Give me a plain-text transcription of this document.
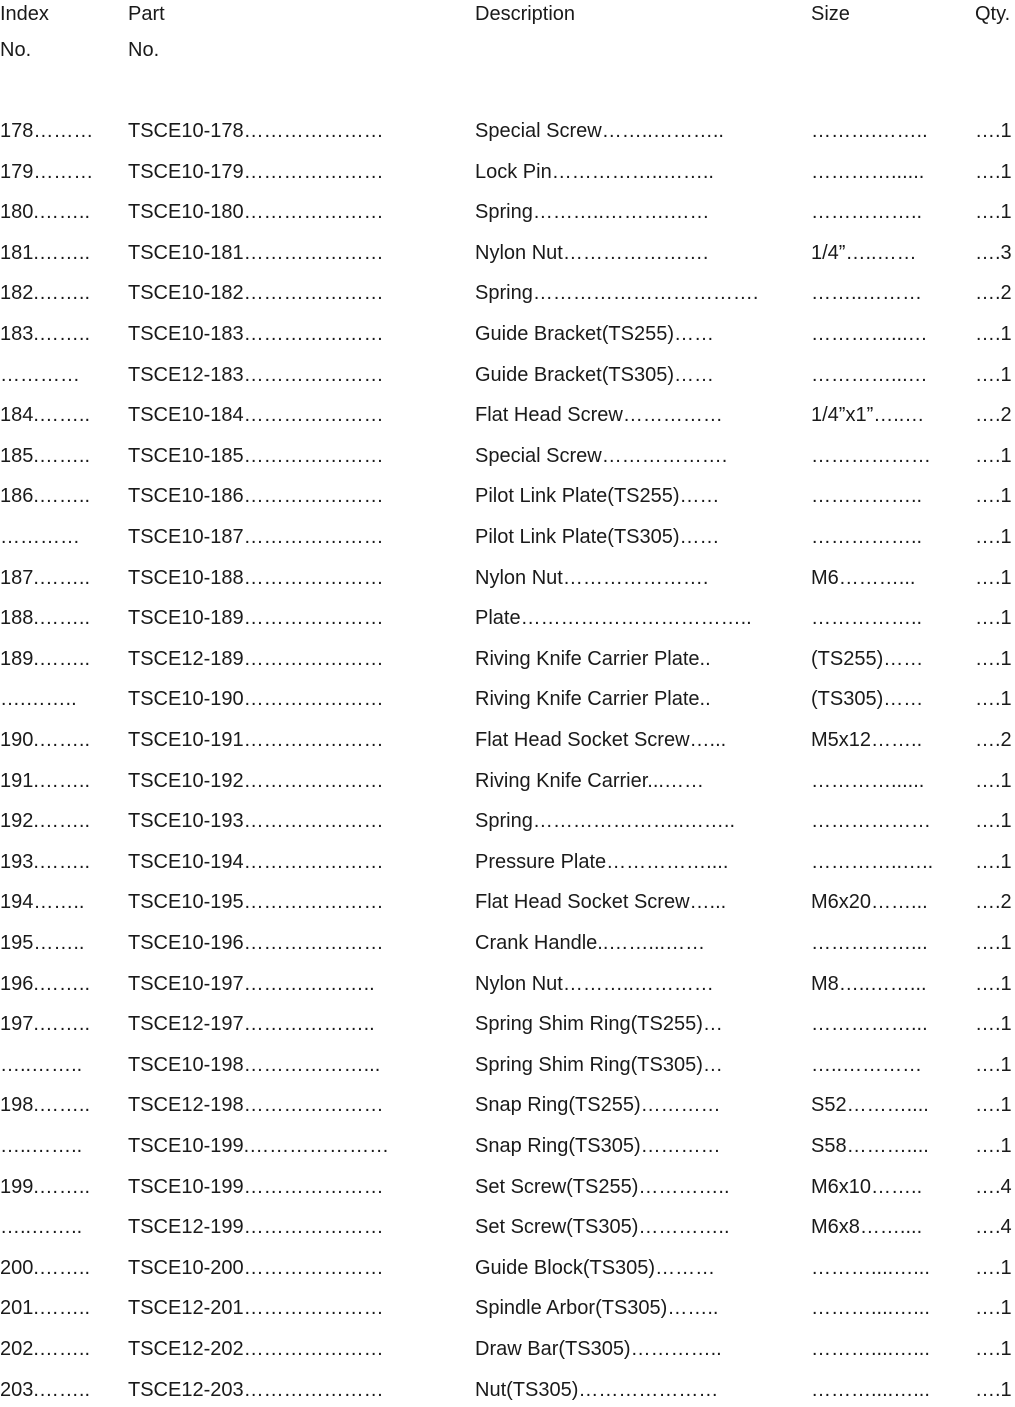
Index	Part	Description	Size	Qty.
No.	No.
178………	TSCE10-178…………………	Special Screw……..………..	……….……..	….1
179………	TSCE10-179…………………	Lock Pin……………..……..	…………......	….1
180.……..	TSCE10-180…………………	Spring………..……….……	……………..	….1
181.……..	TSCE10-181…………………	Nylon Nut………………….	1/4”…..……	….3
182.……..	TSCE10-182…………………	Spring…………………………….	……..………	….2
183.……..	TSCE10-183…………………	Guide Bracket(TS255)……	…………...…	….1
…………	TSCE12-183…………………	Guide Bracket(TS305)……	…………...…	….1
184.……..	TSCE10-184…………………	Flat Head Screw……………	1/4”x1”…..…	….2
185.……..	TSCE10-185…………………	Special Screw……………….	………………	….1
186.……..	TSCE10-186…………………	Pilot Link Plate(TS255)……	……………..	….1
…………	TSCE10-187…………………	Pilot Link Plate(TS305)……	……………..	….1
187.……..	TSCE10-188…………………	Nylon Nut………………….	M6………...	….1
188.……..	TSCE10-189…………………	Plate……………………………..	……………..	….1
189.……..	TSCE12-189…………………	Riving Knife Carrier Plate..	(TS255)……	….1
….……..	TSCE10-190…………………	Riving Knife Carrier Plate..	(TS305)……	….1
190.……..	TSCE10-191…………………	Flat Head Socket Screw…...	M5x12……..	….2
191.……..	TSCE10-192…………………	Riving Knife Carrier...……	…………......	….1
192.……..	TSCE10-193…………………	Spring…………………..……..	………………	….1
193.……..	TSCE10-194…………………	Pressure Plate……………....	…………..…..	….1
194……..	TSCE10-195…………………	Flat Head Socket Screw…...	M6x20……...	….2
195……..	TSCE10-196…………………	Crank Handle..……...……	……………...	….1
196.……..	TSCE10-197………………..	Nylon Nut………..…………	M8…..……...	….1
197.……..	TSCE12-197………………..	Spring Shim Ring(TS255)…	……………...	….1
…..……..	TSCE10-198………………...	Spring Shim Ring(TS305)…	…..…………	….1
198.……..	TSCE12-198…………………	Snap Ring(TS255)…………	S52………....	….1
…..……..	TSCE10-199.…………………	Snap Ring(TS305)…………	S58………....	….1
199.……..	TSCE10-199…………………	Set Screw(TS255)…………..	M6x10……..	….4
…..……..	TSCE12-199…………………	Set Screw(TS305)…………..	M6x8……....	….4
200.……..	TSCE10-200…………………	Guide Block(TS305)………	………....…...	….1
201.……..	TSCE12-201…………………	Spindle Arbor(TS305)……..	………....…...	….1
202.……..	TSCE12-202…………………	Draw Bar(TS305)…………..	………....…...	….1
203.……..	TSCE12-203…………………	Nut(TS305)…………………	………....…...	….1
